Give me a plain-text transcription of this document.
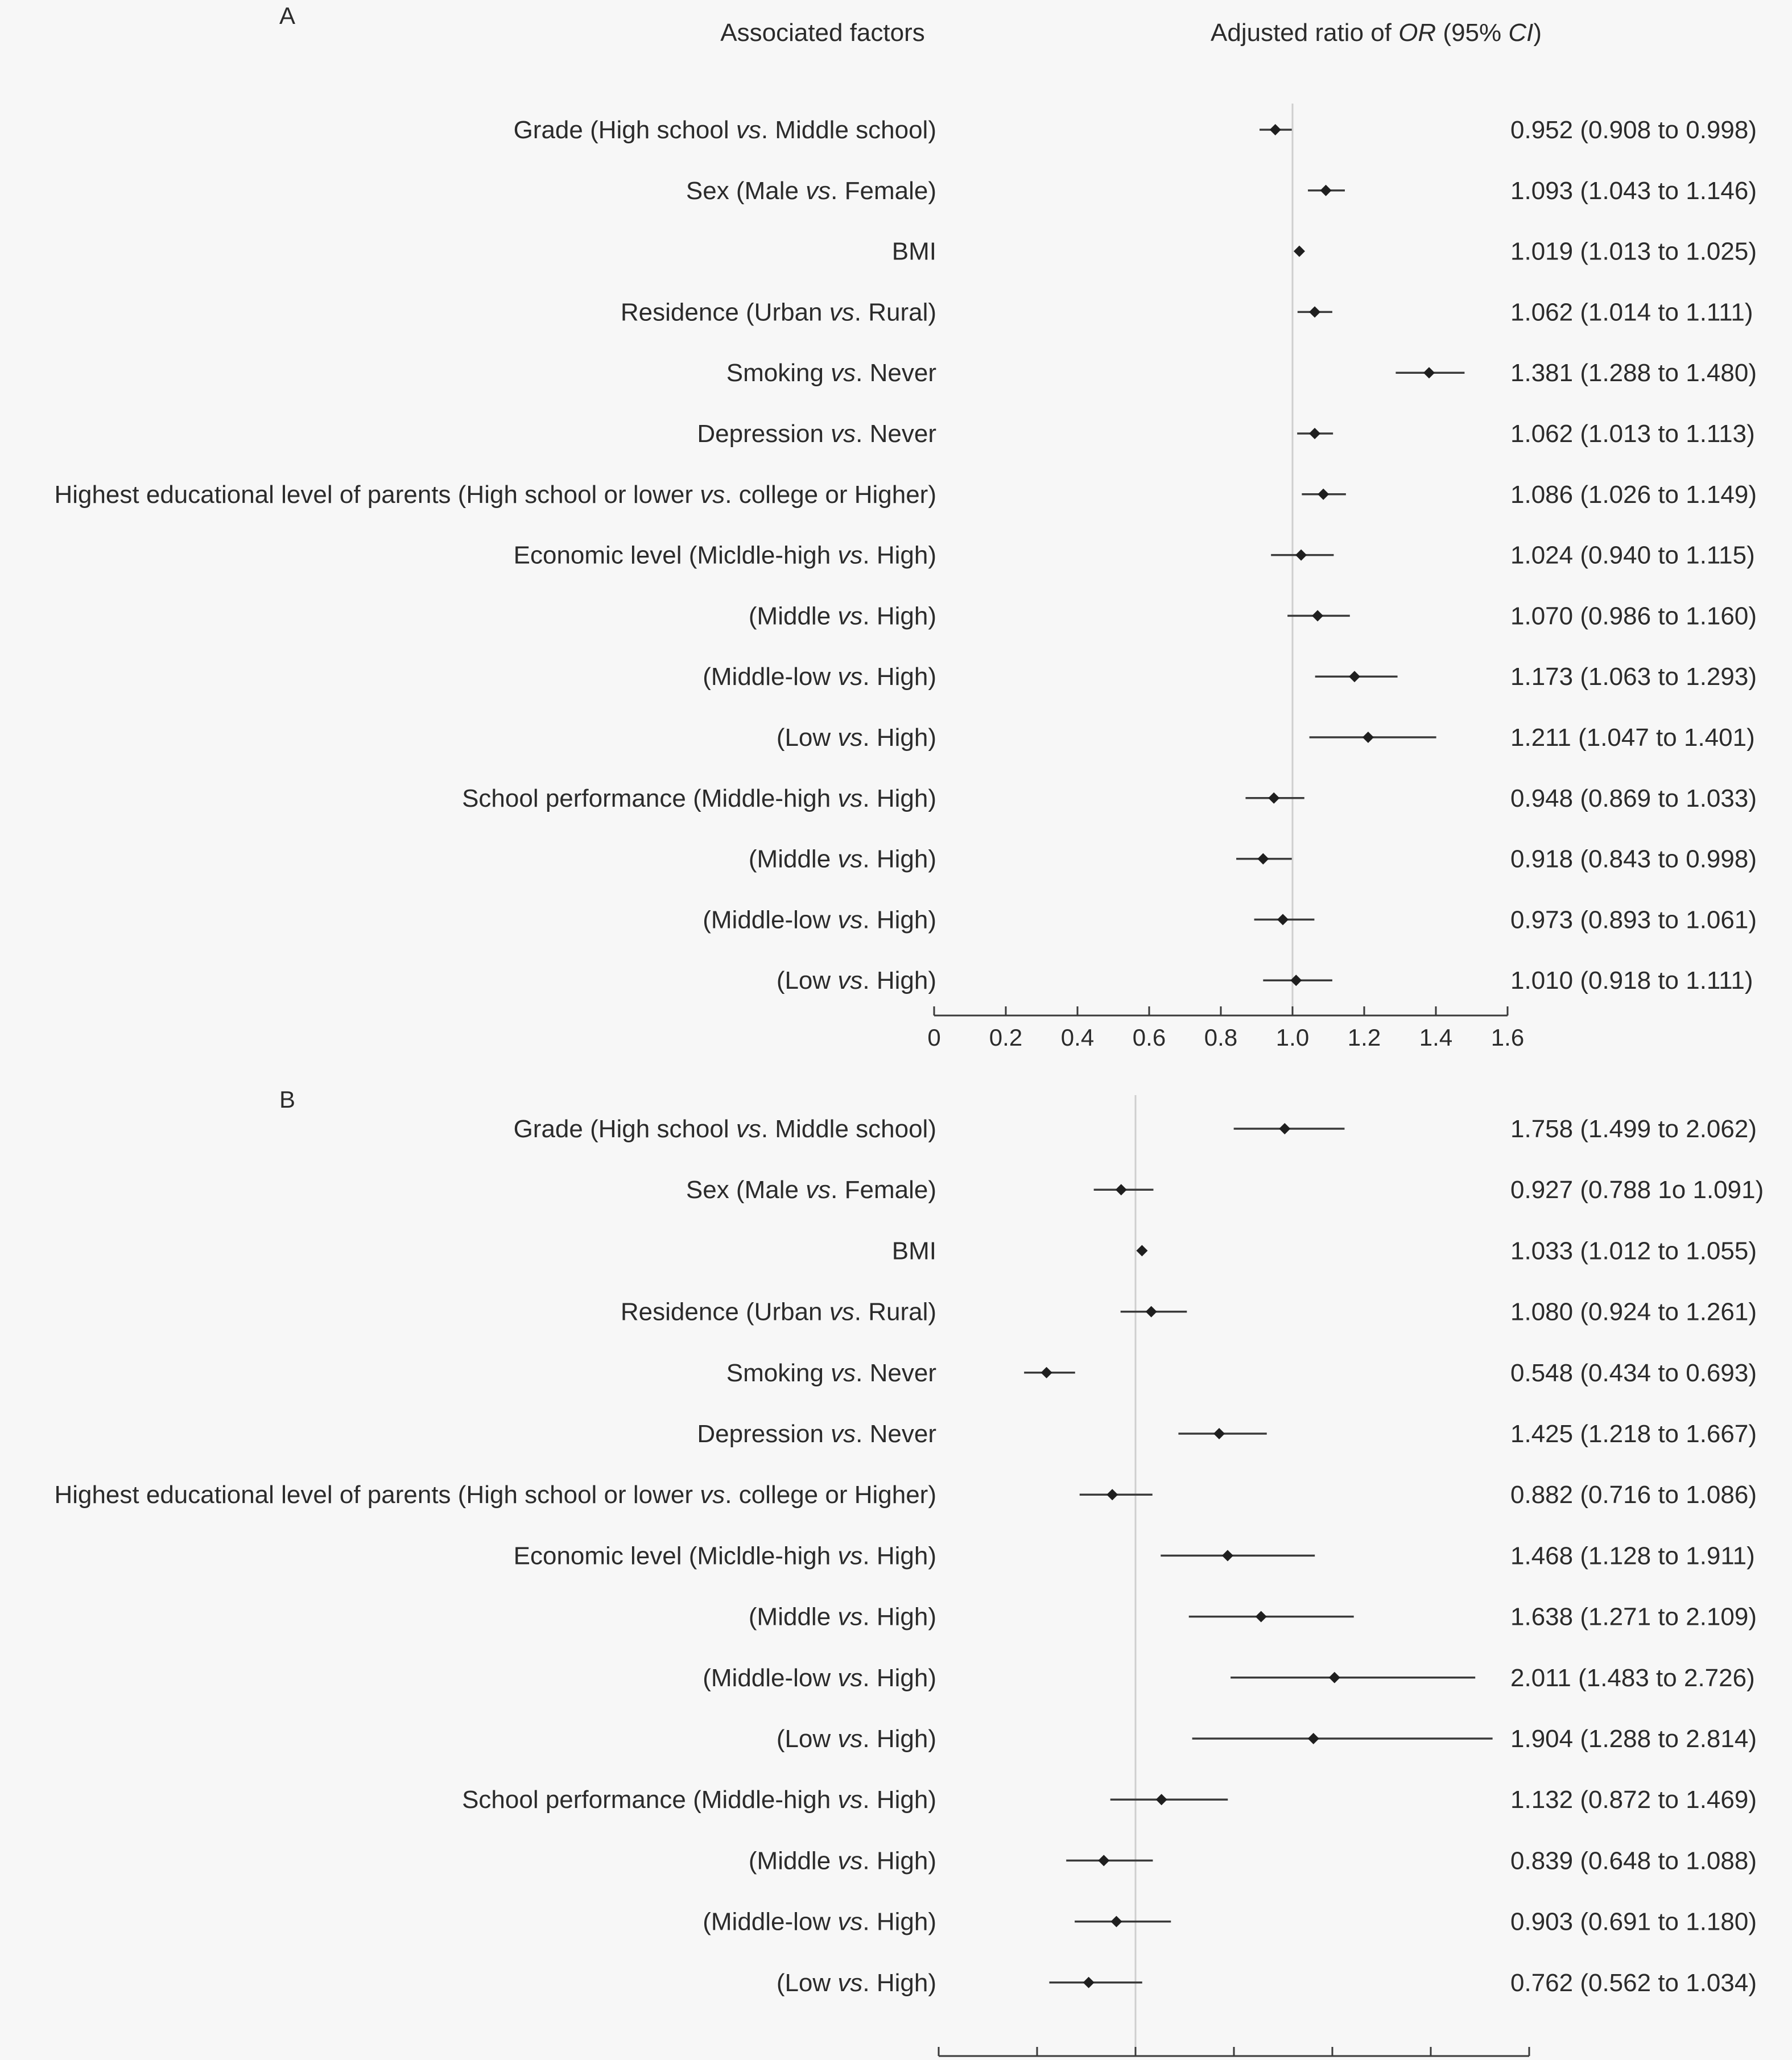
A
Associated factors	Adjusted ratio of OR (95% CI)
B
Grade (High school vs. Middle school)	0.952 (0.908 to 0.998)
Sex (Male vs. Female)	1.093 (1.043 to 1.146)
BMI	1.019 (1.013 to 1.025)
Residence (Urban vs. Rural)	1.062 (1.014 to 1.111)
Smoking vs. Never	1.381 (1.288 to 1.480)
Depression vs. Never	1.062 (1.013 to 1.113)
Highest educational level of parents (High school or lower vs. college or Higher)	1.086 (1.026 to 1.149)
Economic level (Micldle-high vs. High)	1.024 (0.940 to 1.115)
(Middle vs. High)	1.070 (0.986 to 1.160)
(Middle-low vs. High)	1.173 (1.063 to 1.293)
(Low vs. High)	1.211 (1.047 to 1.401)
School performance (Middle-high vs. High)	0.948 (0.869 to 1.033)
(Middle vs. High)	0.918 (0.843 to 0.998)
(Middle-low vs. High)	0.973 (0.893 to 1.061)
(Low vs. High)	1.010 (0.918 to 1.111)
0 0.2 0.4 0.6 0.8 1.0 1.2 1.4 1.6
Grade (High school vs. Middle school)	1.758 (1.499 to 2.062)
Sex (Male vs. Female)	0.927 (0.788 1o 1.091)
BMI	1.033 (1.012 to 1.055)
Residence (Urban vs. Rural)	1.080 (0.924 to 1.261)
Smoking vs. Never	0.548 (0.434 to 0.693)
Depression vs. Never	1.425 (1.218 to 1.667)
Highest educational level of parents (High school or lower vs. college or Higher)	0.882 (0.716 to 1.086)
Economic level (Micldle-high vs. High)	1.468 (1.128 to 1.911)
(Middle vs. High)	1.638 (1.271 to 2.109)
(Middle-low vs. High)	2.011 (1.483 to 2.726)
(Low vs. High)	1.904 (1.288 to 2.814)
School performance (Middle-high vs. High)	1.132 (0.872 to 1.469)
(Middle vs. High)	0.839 (0.648 to 1.088)
(Middle-low vs. High)	0.903 (0.691 to 1.180)
(Low vs. High)	0.762 (0.562 to 1.034)
